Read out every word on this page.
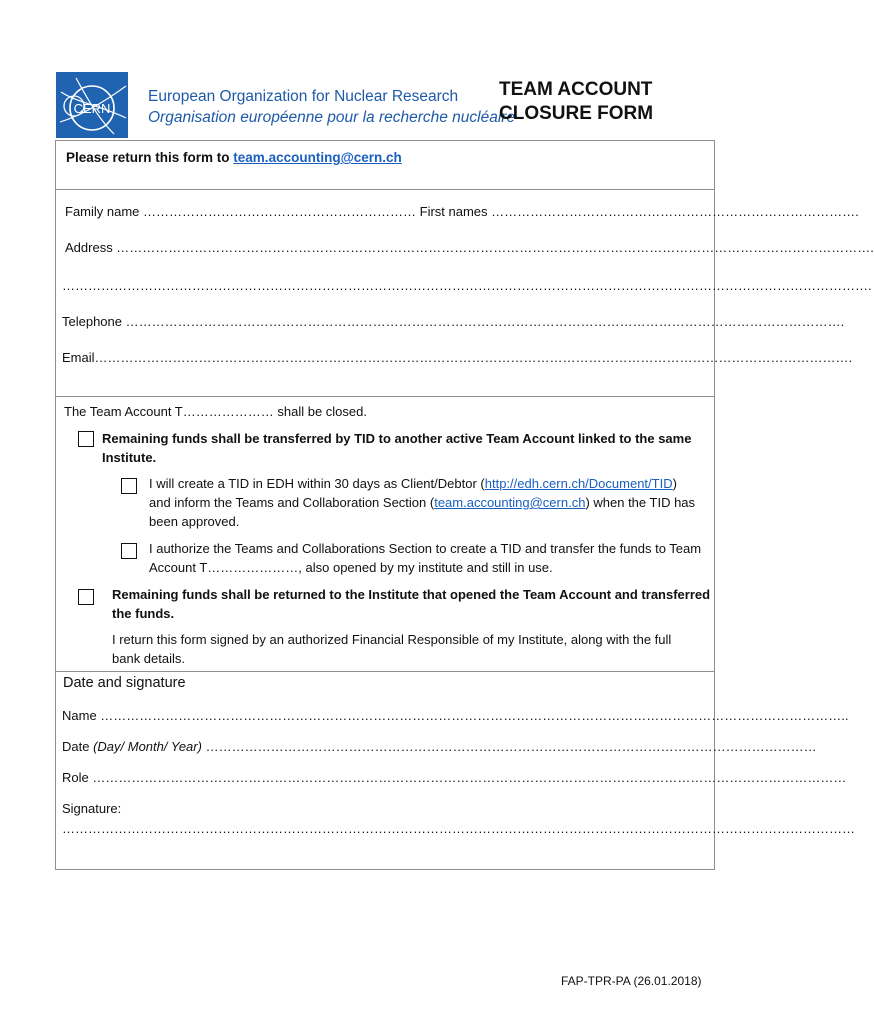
CERN
European Organization for Nuclear Research
Organisation européenne pour la recherche nucléaire
TEAM ACCOUNT
CLOSURE FORM
Please return this form to team.accounting@cern.ch
Family name ……………………………………………………… First names ………………………………………………………………………….
Address ………………………………………………………………………………………………………………………………………………………….
…………………………………………………………………………………………………………………………………………………………………….
Telephone ………………………………………………………………………………………………………………………………………………….
Email………………………………………………………………………………………………………………………………………………………….
The Team Account T………………… shall be closed.
Remaining funds shall be transferred by TID to another active Team Account linked to the same
Institute.
I will create a TID in EDH within 30 days as Client/Debtor (http://edh.cern.ch/Document/TID)
and inform the Teams and Collaboration Section (team.accounting@cern.ch) when the TID has
been approved.
I authorize the Teams and Collaborations Section to create a TID and transfer the funds to Team
Account T…………………, also opened by my institute and still in use.
Remaining funds shall be returned to the Institute that opened the Team Account and transferred
the funds.
I return this form signed by an authorized Financial Responsible of my Institute, along with the full
bank details.
Date and signature
Name ………………………………………………………………………………………………………………………………………………………..
Date (Day/ Month/ Year) ……………………………………………………………………………………………………………………………
Role …………………………………………………………………………………………………………………………………………………………
Signature:
…………………………………………………………………………………………………………………………………………………………………
FAP-TPR-PA (26.01.2018)
